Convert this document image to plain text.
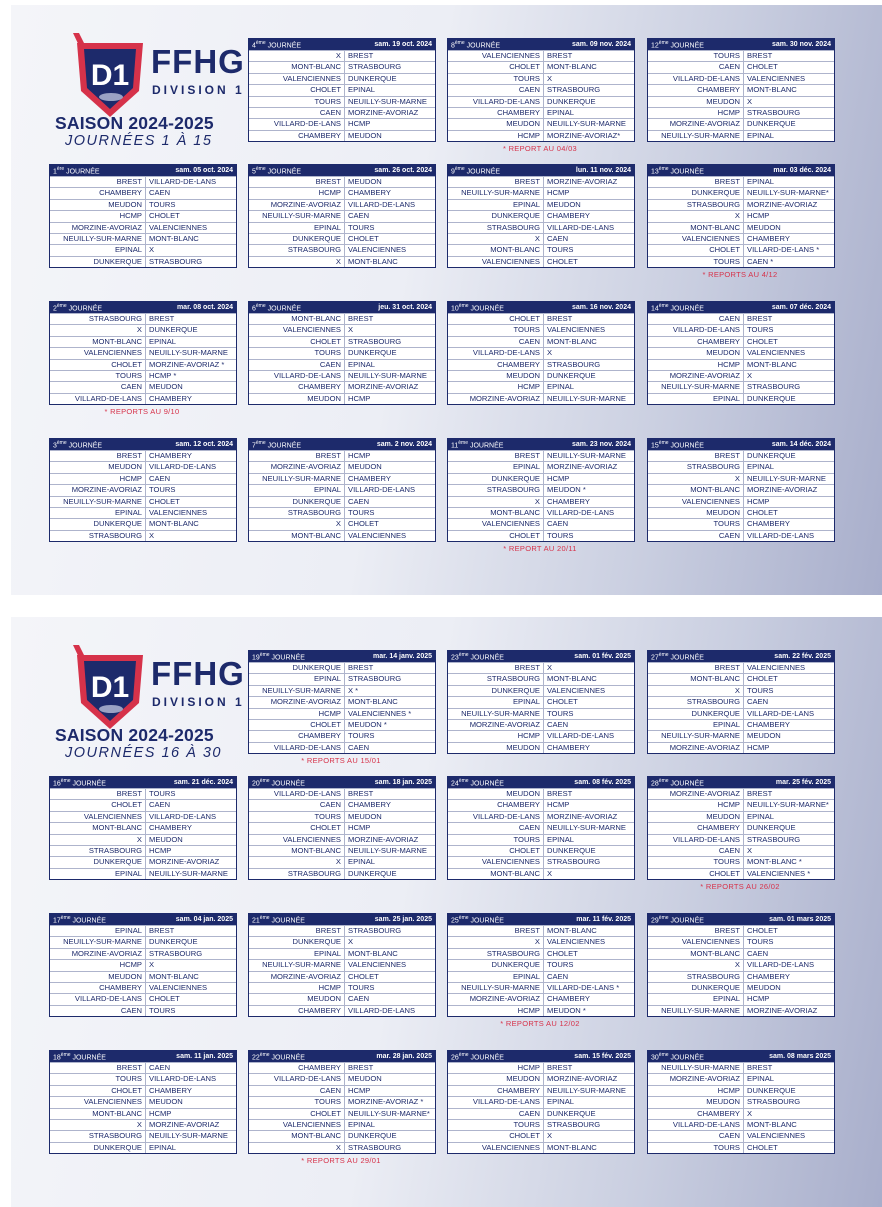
D1 FFHG
DIVISION 1
SAISON 2024-2025
JOURNÉES 1 À 15
4ème JOURNÉE	sam. 19 oct. 2024
X BREST
MONT-BLANC STRASBOURG
VALENCIENNES DUNKERQUE
CHOLET EPINAL
TOURS NEUILLY-SUR-MARNE
CAEN MORZINE-AVORIAZ
VILLARD-DE-LANS HCMP
CHAMBERY MEUDON
8ème JOURNÉE	sam. 09 nov. 2024
VALENCIENNES BREST
CHOLET MONT-BLANC
TOURS X
CAEN STRASBOURG
VILLARD-DE-LANS DUNKERQUE
CHAMBERY EPINAL
MEUDON NEUILLY-SUR-MARNE
HCMP MORZINE-AVORIAZ*
* REPORT AU 04/03
12ème JOURNÉE	sam. 30 nov. 2024
TOURS BREST
CAEN CHOLET
VILLARD-DE-LANS VALENCIENNES
CHAMBERY MONT-BLANC
MEUDON X
HCMP STRASBOURG
MORZINE-AVORIAZ DUNKERQUE
NEUILLY-SUR-MARNE EPINAL
1ère JOURNÉE	sam. 05 oct. 2024
BREST VILLARD-DE-LANS
CHAMBERY CAEN
MEUDON TOURS
HCMP CHOLET
MORZINE-AVORIAZ VALENCIENNES
NEUILLY-SUR-MARNE MONT-BLANC
EPINAL X
DUNKERQUE STRASBOURG
5ème JOURNÉE	sam. 26 oct. 2024
BREST MEUDON
HCMP CHAMBERY
MORZINE-AVORIAZ VILLARD-DE-LANS
NEUILLY-SUR-MARNE CAEN
EPINAL TOURS
DUNKERQUE CHOLET
STRASBOURG VALENCIENNES
X MONT-BLANC
9ème JOURNÉE	lun. 11 nov. 2024
BREST MORZINE-AVORIAZ
NEUILLY-SUR-MARNE HCMP
EPINAL MEUDON
DUNKERQUE CHAMBERY
STRASBOURG VILLARD-DE-LANS
X CAEN
MONT-BLANC TOURS
VALENCIENNES CHOLET
13ème JOURNÉE	mar. 03 déc. 2024
BREST EPINAL
DUNKERQUE NEUILLY-SUR-MARNE*
STRASBOURG MORZINE-AVORIAZ
X HCMP
MONT-BLANC MEUDON
VALENCIENNES CHAMBERY
CHOLET VILLARD-DE-LANS *
TOURS CAEN *
* REPORTS AU 4/12
2ème JOURNÉE	mar. 08 oct. 2024
STRASBOURG BREST
X DUNKERQUE
MONT-BLANC EPINAL
VALENCIENNES NEUILLY-SUR-MARNE
CHOLET MORZINE-AVORIAZ *
TOURS HCMP *
CAEN MEUDON
VILLARD-DE-LANS CHAMBERY
* REPORTS AU 9/10
6ème JOURNÉE	jeu. 31 oct. 2024
MONT-BLANC BREST
VALENCIENNES X
CHOLET STRASBOURG
TOURS DUNKERQUE
CAEN EPINAL
VILLARD-DE-LANS NEUILLY-SUR-MARNE
CHAMBERY MORZINE-AVORIAZ
MEUDON HCMP
10ème JOURNÉE	sam. 16 nov. 2024
CHOLET BREST
TOURS VALENCIENNES
CAEN MONT-BLANC
VILLARD-DE-LANS X
CHAMBERY STRASBOURG
MEUDON DUNKERQUE
HCMP EPINAL
MORZINE-AVORIAZ NEUILLY-SUR-MARNE
14ème JOURNÉE	sam. 07 déc. 2024
CAEN BREST
VILLARD-DE-LANS TOURS
CHAMBERY CHOLET
MEUDON VALENCIENNES
HCMP MONT-BLANC
MORZINE-AVORIAZ X
NEUILLY-SUR-MARNE STRASBOURG
EPINAL DUNKERQUE
3ème JOURNÉE	sam. 12 oct. 2024
BREST CHAMBERY
MEUDON VILLARD-DE-LANS
HCMP CAEN
MORZINE-AVORIAZ TOURS
NEUILLY-SUR-MARNE CHOLET
EPINAL VALENCIENNES
DUNKERQUE MONT-BLANC
STRASBOURG X
7ème JOURNÉE	sam. 2 nov. 2024
BREST HCMP
MORZINE-AVORIAZ MEUDON
NEUILLY-SUR-MARNE CHAMBERY
EPINAL VILLARD-DE-LANS
DUNKERQUE CAEN
STRASBOURG TOURS
X CHOLET
MONT-BLANC VALENCIENNES
11ème JOURNÉE	sam. 23 nov. 2024
BREST NEUILLY-SUR-MARNE
EPINAL MORZINE-AVORIAZ
DUNKERQUE HCMP
STRASBOURG MEUDON *
X CHAMBERY
MONT-BLANC VILLARD-DE-LANS
VALENCIENNES CAEN
CHOLET TOURS
* REPORT AU 20/11
15ème JOURNÉE	sam. 14 déc. 2024
BREST DUNKERQUE
STRASBOURG EPINAL
X NEUILLY-SUR-MARNE
MONT-BLANC MORZINE-AVORIAZ
VALENCIENNES HCMP
MEUDON CHOLET
TOURS CHAMBERY
CAEN VILLARD-DE-LANS
D1 FFHG
DIVISION 1
SAISON 2024-2025
JOURNÉES 16 À 30
19ème JOURNÉE	mar. 14 janv. 2025
DUNKERQUE BREST
EPINAL STRASBOURG
NEUILLY-SUR-MARNE X *
MORZINE-AVORIAZ MONT-BLANC
HCMP VALENCIENNES *
CHOLET MEUDON *
CHAMBERY TOURS
VILLARD-DE-LANS CAEN
* REPORTS AU 15/01
23ème JOURNÉE	sam. 01 fév. 2025
BREST X
STRASBOURG MONT-BLANC
DUNKERQUE VALENCIENNES
EPINAL CHOLET
NEUILLY-SUR-MARNE TOURS
MORZINE-AVORIAZ CAEN
HCMP VILLARD-DE-LANS
MEUDON CHAMBERY
27ème JOURNÉE	sam. 22 fév. 2025
BREST VALENCIENNES
MONT-BLANC CHOLET
X TOURS
STRASBOURG CAEN
DUNKERQUE VILLARD-DE-LANS
EPINAL CHAMBERY
NEUILLY-SUR-MARNE MEUDON
MORZINE-AVORIAZ HCMP
16ème JOURNÉE	sam. 21 déc. 2024
BREST TOURS
CHOLET CAEN
VALENCIENNES VILLARD-DE-LANS
MONT-BLANC CHAMBERY
X MEUDON
STRASBOURG HCMP
DUNKERQUE MORZINE-AVORIAZ
EPINAL NEUILLY-SUR-MARNE
20ème JOURNÉE	sam. 18 jan. 2025
VILLARD-DE-LANS BREST
CAEN CHAMBERY
TOURS MEUDON
CHOLET HCMP
VALENCIENNES MORZINE-AVORIAZ
MONT-BLANC NEUILLY-SUR-MARNE
X EPINAL
STRASBOURG DUNKERQUE
24ème JOURNÉE	sam. 08 fév. 2025
MEUDON BREST
CHAMBERY HCMP
VILLARD-DE-LANS MORZINE-AVORIAZ
CAEN NEUILLY-SUR-MARNE
TOURS EPINAL
CHOLET DUNKERQUE
VALENCIENNES STRASBOURG
MONT-BLANC X
28ème JOURNÉE	mar. 25 fév. 2025
MORZINE-AVORIAZ BREST
HCMP NEUILLY-SUR-MARNE*
MEUDON EPINAL
CHAMBERY DUNKERQUE
VILLARD-DE-LANS STRASBOURG
CAEN X
TOURS MONT-BLANC *
CHOLET VALENCIENNES *
* REPORTS AU 26/02
17ème JOURNÉE	sam. 04 jan. 2025
EPINAL BREST
NEUILLY-SUR-MARNE DUNKERQUE
MORZINE-AVORIAZ STRASBOURG
HCMP X
MEUDON MONT-BLANC
CHAMBERY VALENCIENNES
VILLARD-DE-LANS CHOLET
CAEN TOURS
21ème JOURNÉE	sam. 25 jan. 2025
BREST STRASBOURG
DUNKERQUE X
EPINAL MONT-BLANC
NEUILLY-SUR-MARNE VALENCIENNES
MORZINE-AVORIAZ CHOLET
HCMP TOURS
MEUDON CAEN
CHAMBERY VILLARD-DE-LANS
25ème JOURNÉE	mar. 11 fév. 2025
BREST MONT-BLANC
X VALENCIENNES
STRASBOURG CHOLET
DUNKERQUE TOURS
EPINAL CAEN
NEUILLY-SUR-MARNE VILLARD-DE-LANS *
MORZINE-AVORIAZ CHAMBERY
HCMP MEUDON *
* REPORTS AU 12/02
29ème JOURNÉE	sam. 01 mars 2025
BREST CHOLET
VALENCIENNES TOURS
MONT-BLANC CAEN
X VILLARD-DE-LANS
STRASBOURG CHAMBERY
DUNKERQUE MEUDON
EPINAL HCMP
NEUILLY-SUR-MARNE MORZINE-AVORIAZ
18ème JOURNÉE	sam. 11 jan. 2025
BREST CAEN
TOURS VILLARD-DE-LANS
CHOLET CHAMBERY
VALENCIENNES MEUDON
MONT-BLANC HCMP
X MORZINE-AVORIAZ
STRASBOURG NEUILLY-SUR-MARNE
DUNKERQUE EPINAL
22ème JOURNÉE	mar. 28 jan. 2025
CHAMBERY BREST
VILLARD-DE-LANS MEUDON
CAEN HCMP
TOURS MORZINE-AVORIAZ *
CHOLET NEUILLY-SUR-MARNE*
VALENCIENNES EPINAL
MONT-BLANC DUNKERQUE
X STRASBOURG
* REPORTS AU 29/01
26ème JOURNÉE	sam. 15 fév. 2025
HCMP BREST
MEUDON MORZINE-AVORIAZ
CHAMBERY NEUILLY-SUR-MARNE
VILLARD-DE-LANS EPINAL
CAEN DUNKERQUE
TOURS STRASBOURG
CHOLET X
VALENCIENNES MONT-BLANC
30ème JOURNÉE	sam. 08 mars 2025
NEUILLY-SUR-MARNE BREST
MORZINE-AVORIAZ EPINAL
HCMP DUNKERQUE
MEUDON STRASBOURG
CHAMBERY X
VILLARD-DE-LANS MONT-BLANC
CAEN VALENCIENNES
TOURS CHOLET
